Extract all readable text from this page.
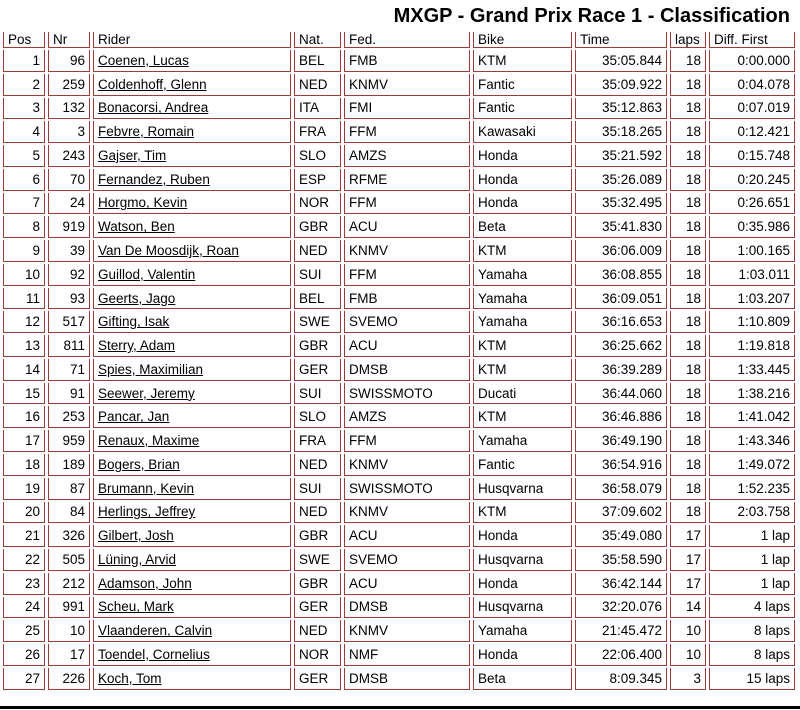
MXGP - Grand Prix Race 1 - Classification
Pos	Nr	Rider	Nat.	Fed.	Bike	Time	laps	Diff. First
1	96	Coenen, Lucas	BEL	FMB	KTM	35:05.844	18	0:00.000
2	259	Coldenhoff, Glenn	NED	KNMV	Fantic	35:09.922	18	0:04.078
3	132	Bonacorsi, Andrea	ITA	FMI	Fantic	35:12.863	18	0:07.019
4	3	Febvre, Romain	FRA	FFM	Kawasaki	35:18.265	18	0:12.421
5	243	Gajser, Tim	SLO	AMZS	Honda	35:21.592	18	0:15.748
6	70	Fernandez, Ruben	ESP	RFME	Honda	35:26.089	18	0:20.245
7	24	Horgmo, Kevin	NOR	FFM	Honda	35:32.495	18	0:26.651
8	919	Watson, Ben	GBR	ACU	Beta	35:41.830	18	0:35.986
9	39	Van De Moosdijk, Roan	NED	KNMV	KTM	36:06.009	18	1:00.165
10	92	Guillod, Valentin	SUI	FFM	Yamaha	36:08.855	18	1:03.011
11	93	Geerts, Jago	BEL	FMB	Yamaha	36:09.051	18	1:03.207
12	517	Gifting, Isak	SWE	SVEMO	Yamaha	36:16.653	18	1:10.809
13	811	Sterry, Adam	GBR	ACU	KTM	36:25.662	18	1:19.818
14	71	Spies, Maximilian	GER	DMSB	KTM	36:39.289	18	1:33.445
15	91	Seewer, Jeremy	SUI	SWISSMOTO	Ducati	36:44.060	18	1:38.216
16	253	Pancar, Jan	SLO	AMZS	KTM	36:46.886	18	1:41.042
17	959	Renaux, Maxime	FRA	FFM	Yamaha	36:49.190	18	1:43.346
18	189	Bogers, Brian	NED	KNMV	Fantic	36:54.916	18	1:49.072
19	87	Brumann, Kevin	SUI	SWISSMOTO	Husqvarna	36:58.079	18	1:52.235
20	84	Herlings, Jeffrey	NED	KNMV	KTM	37:09.602	18	2:03.758
21	326	Gilbert, Josh	GBR	ACU	Honda	35:49.080	17	1 lap
22	505	Lüning, Arvid	SWE	SVEMO	Husqvarna	35:58.590	17	1 lap
23	212	Adamson, John	GBR	ACU	Honda	36:42.144	17	1 lap
24	991	Scheu, Mark	GER	DMSB	Husqvarna	32:20.076	14	4 laps
25	10	Vlaanderen, Calvin	NED	KNMV	Yamaha	21:45.472	10	8 laps
26	17	Toendel, Cornelius	NOR	NMF	Honda	22:06.400	10	8 laps
27	226	Koch, Tom	GER	DMSB	Beta	8:09.345	3	15 laps
